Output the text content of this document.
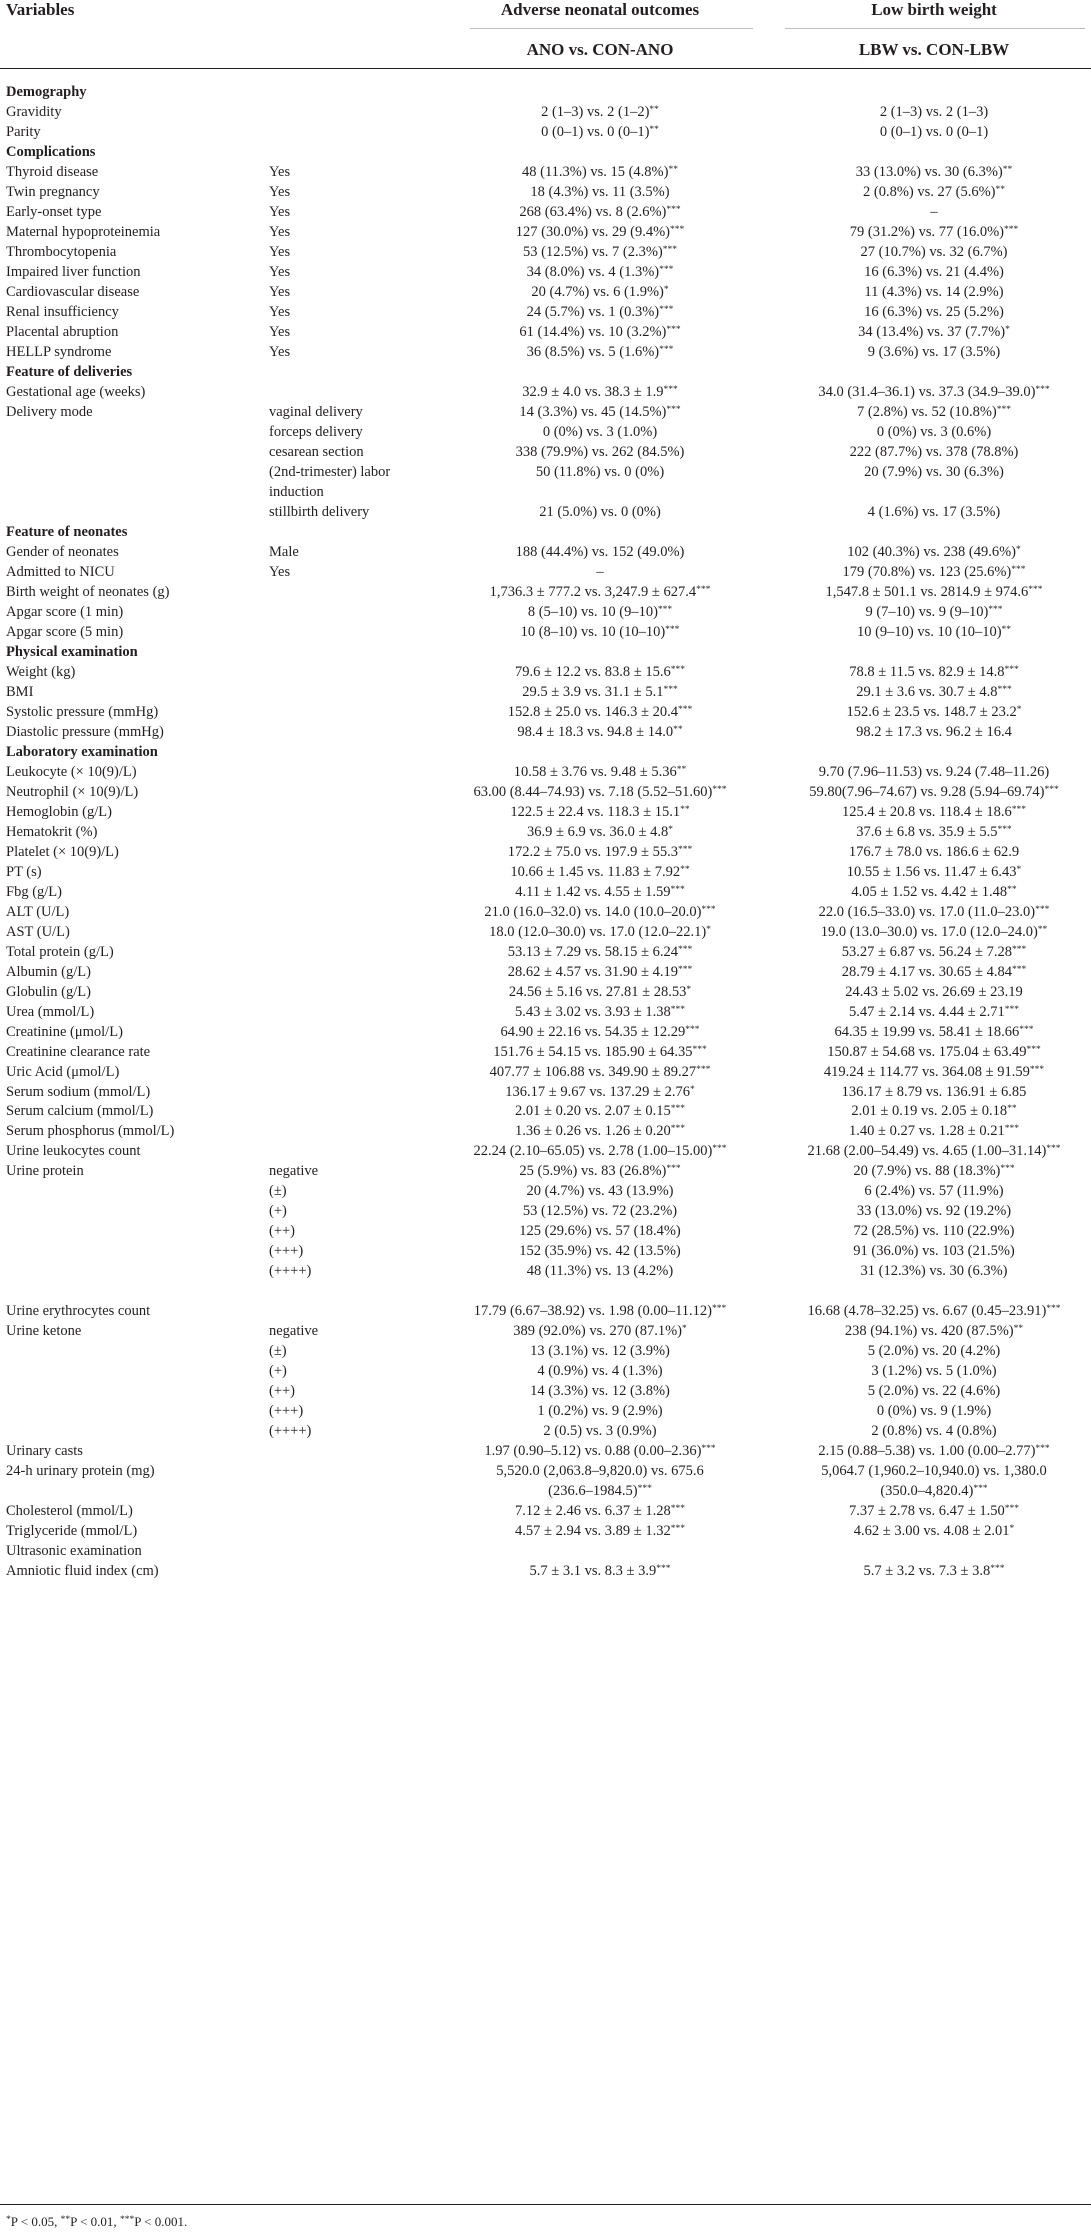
Variables	Adverse neonatal outcomes	Low birth weight
ANO vs. CON-ANO	LBW vs. CON-LBW
Demography
Gravidity	2 (1–3) vs. 2 (1–2)**	2 (1–3) vs. 2 (1–3)
Parity	0 (0–1) vs. 0 (0–1)**	0 (0–1) vs. 0 (0–1)
Complications
Thyroid disease	Yes	48 (11.3%) vs. 15 (4.8%)**	33 (13.0%) vs. 30 (6.3%)**
Twin pregnancy	Yes	18 (4.3%) vs. 11 (3.5%)	2 (0.8%) vs. 27 (5.6%)**
Early-onset type	Yes	268 (63.4%) vs. 8 (2.6%)***	–
Maternal hypoproteinemia	Yes	127 (30.0%) vs. 29 (9.4%)***	79 (31.2%) vs. 77 (16.0%)***
Thrombocytopenia	Yes	53 (12.5%) vs. 7 (2.3%)***	27 (10.7%) vs. 32 (6.7%)
Impaired liver function	Yes	34 (8.0%) vs. 4 (1.3%)***	16 (6.3%) vs. 21 (4.4%)
Cardiovascular disease	Yes	20 (4.7%) vs. 6 (1.9%)*	11 (4.3%) vs. 14 (2.9%)
Renal insufficiency	Yes	24 (5.7%) vs. 1 (0.3%)***	16 (6.3%) vs. 25 (5.2%)
Placental abruption	Yes	61 (14.4%) vs. 10 (3.2%)***	34 (13.4%) vs. 37 (7.7%)*
HELLP syndrome	Yes	36 (8.5%) vs. 5 (1.6%)***	9 (3.6%) vs. 17 (3.5%)
Feature of deliveries
Gestational age (weeks)	32.9 ± 4.0 vs. 38.3 ± 1.9***	34.0 (31.4–36.1) vs. 37.3 (34.9–39.0)***
Delivery mode	vaginal delivery	14 (3.3%) vs. 45 (14.5%)***	7 (2.8%) vs. 52 (10.8%)***
forceps delivery	0 (0%) vs. 3 (1.0%)	0 (0%) vs. 3 (0.6%)
cesarean section	338 (79.9%) vs. 262 (84.5%)	222 (87.7%) vs. 378 (78.8%)
(2nd-trimester) labor	50 (11.8%) vs. 0 (0%)	20 (7.9%) vs. 30 (6.3%)
induction
stillbirth delivery	21 (5.0%) vs. 0 (0%)	4 (1.6%) vs. 17 (3.5%)
Feature of neonates
Gender of neonates	Male	188 (44.4%) vs. 152 (49.0%)	102 (40.3%) vs. 238 (49.6%)*
Admitted to NICU	Yes	–	179 (70.8%) vs. 123 (25.6%)***
Birth weight of neonates (g)	1,736.3 ± 777.2 vs. 3,247.9 ± 627.4***	1,547.8 ± 501.1 vs. 2814.9 ± 974.6***
Apgar score (1 min)	8 (5–10) vs. 10 (9–10)***	9 (7–10) vs. 9 (9–10)***
Apgar score (5 min)	10 (8–10) vs. 10 (10–10)***	10 (9–10) vs. 10 (10–10)**
Physical examination
Weight (kg)	79.6 ± 12.2 vs. 83.8 ± 15.6***	78.8 ± 11.5 vs. 82.9 ± 14.8***
BMI	29.5 ± 3.9 vs. 31.1 ± 5.1***	29.1 ± 3.6 vs. 30.7 ± 4.8***
Systolic pressure (mmHg)	152.8 ± 25.0 vs. 146.3 ± 20.4***	152.6 ± 23.5 vs. 148.7 ± 23.2*
Diastolic pressure (mmHg)	98.4 ± 18.3 vs. 94.8 ± 14.0**	98.2 ± 17.3 vs. 96.2 ± 16.4
Laboratory examination
Leukocyte (× 10(9)/L)	10.58 ± 3.76 vs. 9.48 ± 5.36**	9.70 (7.96–11.53) vs. 9.24 (7.48–11.26)
Neutrophil (× 10(9)/L)	63.00 (8.44–74.93) vs. 7.18 (5.52–51.60)***	59.80(7.96–74.67) vs. 9.28 (5.94–69.74)***
Hemoglobin (g/L)	122.5 ± 22.4 vs. 118.3 ± 15.1**	125.4 ± 20.8 vs. 118.4 ± 18.6***
Hematokrit (%)	36.9 ± 6.9 vs. 36.0 ± 4.8*	37.6 ± 6.8 vs. 35.9 ± 5.5***
Platelet (× 10(9)/L)	172.2 ± 75.0 vs. 197.9 ± 55.3***	176.7 ± 78.0 vs. 186.6 ± 62.9
PT (s)	10.66 ± 1.45 vs. 11.83 ± 7.92**	10.55 ± 1.56 vs. 11.47 ± 6.43*
Fbg (g/L)	4.11 ± 1.42 vs. 4.55 ± 1.59***	4.05 ± 1.52 vs. 4.42 ± 1.48**
ALT (U/L)	21.0 (16.0–32.0) vs. 14.0 (10.0–20.0)***	22.0 (16.5–33.0) vs. 17.0 (11.0–23.0)***
AST (U/L)	18.0 (12.0–30.0) vs. 17.0 (12.0–22.1)*	19.0 (13.0–30.0) vs. 17.0 (12.0–24.0)**
Total protein (g/L)	53.13 ± 7.29 vs. 58.15 ± 6.24***	53.27 ± 6.87 vs. 56.24 ± 7.28***
Albumin (g/L)	28.62 ± 4.57 vs. 31.90 ± 4.19***	28.79 ± 4.17 vs. 30.65 ± 4.84***
Globulin (g/L)	24.56 ± 5.16 vs. 27.81 ± 28.53*	24.43 ± 5.02 vs. 26.69 ± 23.19
Urea (mmol/L)	5.43 ± 3.02 vs. 3.93 ± 1.38***	5.47 ± 2.14 vs. 4.44 ± 2.71***
Creatinine (μmol/L)	64.90 ± 22.16 vs. 54.35 ± 12.29***	64.35 ± 19.99 vs. 58.41 ± 18.66***
Creatinine clearance rate	151.76 ± 54.15 vs. 185.90 ± 64.35***	150.87 ± 54.68 vs. 175.04 ± 63.49***
Uric Acid (μmol/L)	407.77 ± 106.88 vs. 349.90 ± 89.27***	419.24 ± 114.77 vs. 364.08 ± 91.59***
Serum sodium (mmol/L)	136.17 ± 9.67 vs. 137.29 ± 2.76*	136.17 ± 8.79 vs. 136.91 ± 6.85
Serum calcium (mmol/L)	2.01 ± 0.20 vs. 2.07 ± 0.15***	2.01 ± 0.19 vs. 2.05 ± 0.18**
Serum phosphorus (mmol/L)	1.36 ± 0.26 vs. 1.26 ± 0.20***	1.40 ± 0.27 vs. 1.28 ± 0.21***
Urine leukocytes count	22.24 (2.10–65.05) vs. 2.78 (1.00–15.00)***	21.68 (2.00–54.49) vs. 4.65 (1.00–31.14)***
Urine protein	negative	25 (5.9%) vs. 83 (26.8%)***	20 (7.9%) vs. 88 (18.3%)***
(±)	20 (4.7%) vs. 43 (13.9%)	6 (2.4%) vs. 57 (11.9%)
(+)	53 (12.5%) vs. 72 (23.2%)	33 (13.0%) vs. 92 (19.2%)
(++)	125 (29.6%) vs. 57 (18.4%)	72 (28.5%) vs. 110 (22.9%)
(+++)	152 (35.9%) vs. 42 (13.5%)	91 (36.0%) vs. 103 (21.5%)
(++++)	48 (11.3%) vs. 13 (4.2%)	31 (12.3%) vs. 30 (6.3%)
Urine erythrocytes count	17.79 (6.67–38.92) vs. 1.98 (0.00–11.12)***	16.68 (4.78–32.25) vs. 6.67 (0.45–23.91)***
Urine ketone	negative	389 (92.0%) vs. 270 (87.1%)*	238 (94.1%) vs. 420 (87.5%)**
(±)	13 (3.1%) vs. 12 (3.9%)	5 (2.0%) vs. 20 (4.2%)
(+)	4 (0.9%) vs. 4 (1.3%)	3 (1.2%) vs. 5 (1.0%)
(++)	14 (3.3%) vs. 12 (3.8%)	5 (2.0%) vs. 22 (4.6%)
(+++)	1 (0.2%) vs. 9 (2.9%)	0 (0%) vs. 9 (1.9%)
(++++)	2 (0.5) vs. 3 (0.9%)	2 (0.8%) vs. 4 (0.8%)
Urinary casts	1.97 (0.90–5.12) vs. 0.88 (0.00–2.36)***	2.15 (0.88–5.38) vs. 1.00 (0.00–2.77)***
24-h urinary protein (mg)	5,520.0 (2,063.8–9,820.0) vs. 675.6	5,064.7 (1,960.2–10,940.0) vs. 1,380.0
(236.6–1984.5)***	(350.0–4,820.4)***
Cholesterol (mmol/L)	7.12 ± 2.46 vs. 6.37 ± 1.28***	7.37 ± 2.78 vs. 6.47 ± 1.50***
Triglyceride (mmol/L)	4.57 ± 2.94 vs. 3.89 ± 1.32***	4.62 ± 3.00 vs. 4.08 ± 2.01*
Ultrasonic examination
Amniotic fluid index (cm)	5.7 ± 3.1 vs. 8.3 ± 3.9***	5.7 ± 3.2 vs. 7.3 ± 3.8***
*P < 0.05, **P < 0.01, ***P < 0.001.
